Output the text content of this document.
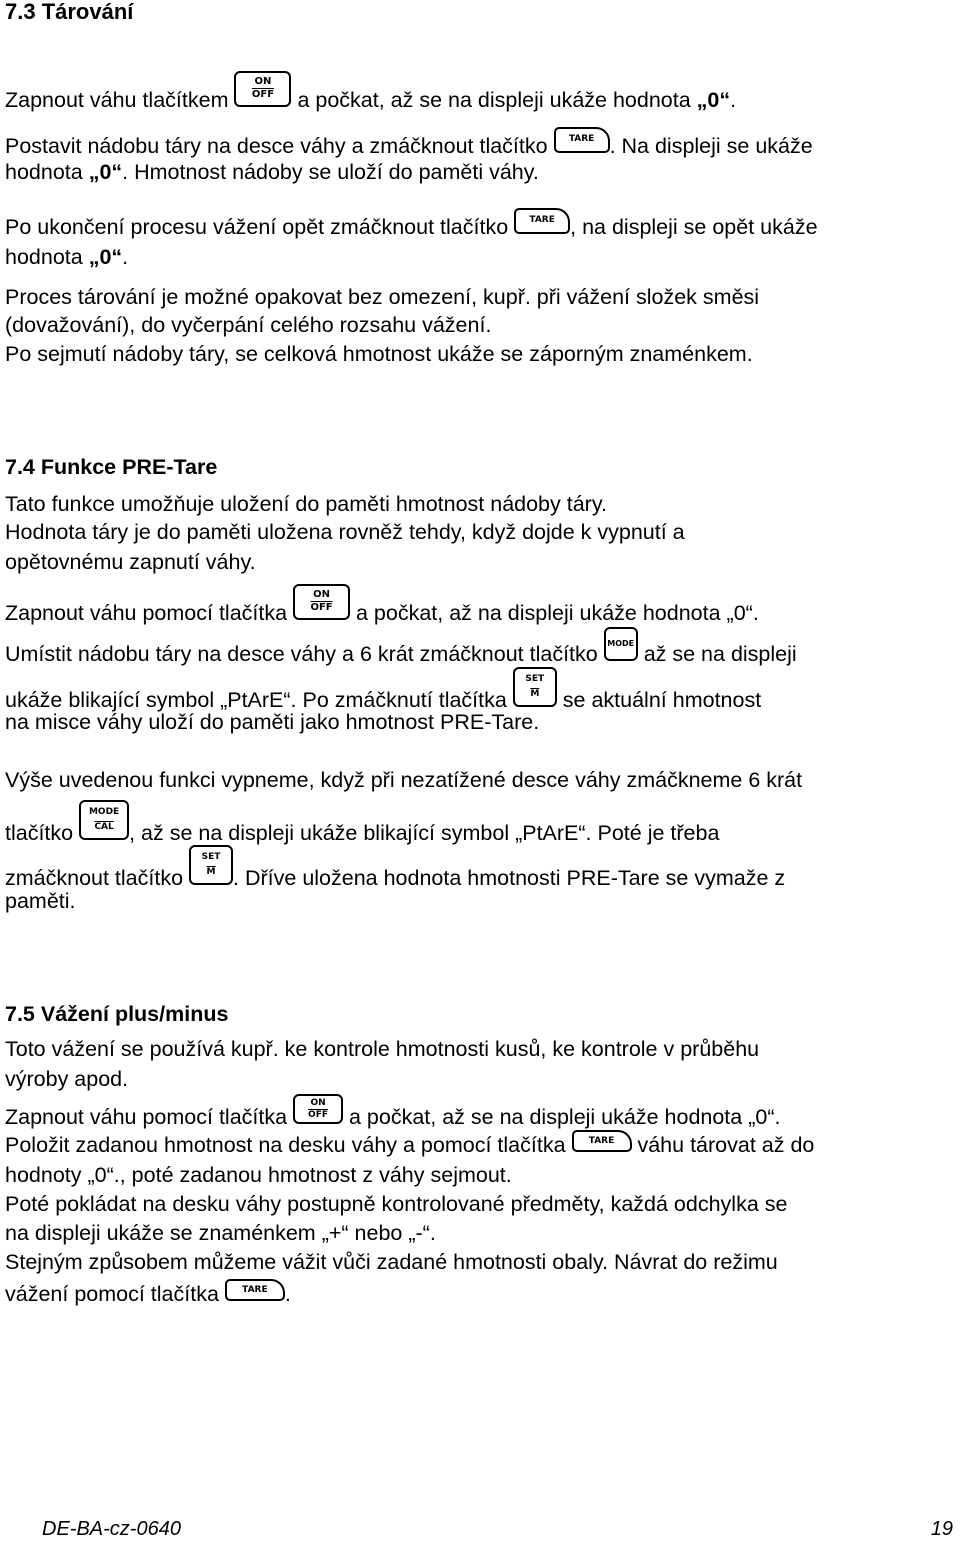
7.3 Tárování
Zapnout váhu tlačítkem
ON
$\overline{OFF}$ a počkat, až se na displeji ukáže hodnota „0“.
Postavit nádobu táry na desce váhy a zmáčknout tlačítko	TARE . Na displeji se ukáže
hodnota „0“. Hmotnost nádoby se uloží do paměti váhy.
Po ukončení procesu vážení opět zmáčknout tlačítko	TARE , na displeji se opět ukáže
hodnota „0“.
Proces tárování je možné opakovat bez omezení, kupř. při vážení složek směsi
(dovažování), do vyčerpání celého rozsahu vážení.
Po sejmutí nádoby táry, se celková hmotnost ukáže se záporným znaménkem.
7.4 Funkce PRE-Tare
Tato funkce umožňuje uložení do paměti hmotnost nádoby táry.
Hodnota táry je do paměti uložena rovněž tehdy, když dojde k vypnutí a
opětovnému zapnutí váhy.
Zapnout váhu pomocí tlačítka
ON
$\overline{OFF}$ a počkat, až na displeji ukáže hodnota „0“.
Umístit nádobu táry na desce váhy a 6 krát zmáčknout tlačítko MODE až se na displeji
ukáže blikající symbol „PtArE“. Po zmáčknutí tlačítka
SET
$\overline{M}$ se aktuální hmotnost
na misce váhy uloží do paměti jako hmotnost PRE-Tare.
Výše uvedenou funkci vypneme, když při nezatížené desce váhy zmáčkneme 6 krát
tlačítko
MODE
$\overline{CAL}$ , až se na displeji ukáže blikající symbol „PtArE“. Poté je třeba
zmáčknout tlačítko
SET
$\overline{M}$ . Dříve uložena hodnota hmotnosti PRE-Tare se vymaže z
paměti.
7.5 Vážení plus/minus
Toto vážení se používá kupř. ke kontrole hmotnosti kusů, ke kontrole v průběhu
výroby apod.
Zapnout váhu pomocí tlačítka
ON
$\overline{OFF}$ a počkat, až se na displeji ukáže hodnota „0“.
Položit zadanou hmotnost na desku váhy a pomocí tlačítka	TARE váhu tárovat až do
hodnoty „0“., poté zadanou hmotnost z váhy sejmout.
Poté pokládat na desku váhy postupně kontrolované předměty, každá odchylka se
na displeji ukáže se znaménkem „+“ nebo „-“.
Stejným způsobem můžeme vážit vůči zadané hmotnosti obaly. Návrat do režimu
vážení pomocí tlačítka	TARE .
DE-BA-cz-0640	19
